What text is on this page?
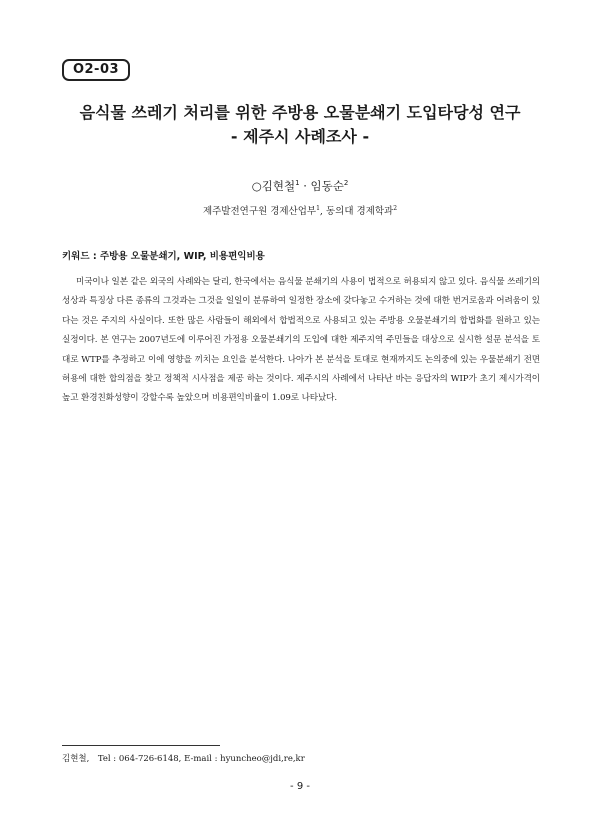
O2-03
음식물 쓰레기 처리를 위한 주방용 오물분쇄기 도입타당성 연구
- 제주시 사례조사 -
○김현철$^1$ · 임동순$^2$
제주발전연구원 경제산업부$^1$, 동의대 경제학과$^2$
키워드 : 주방용 오물분쇄기, WIP, 비용편익비용

미국이나 일본 같은 외국의 사례와는 달리, 한국에서는 음식물 분쇄기의 사용이 법적으로 허용되지 않고 있다. 음식물 쓰레기의 성상과 특징상 다른 종류의 그것과는 그것을 일일이 분류하여 일정한 장소에 갖다놓고 수거하는 것에 대한 번거로움과 어려움이 있다는 것은 주지의 사실이다. 또한 많은 사람들이 해외에서 합법적으로 사용되고 있는 주방용 오물분쇄기의 합법화를 원하고 있는 실정이다. 본 연구는 2007년도에 이루어진 가정용 오물분쇄기의 도입에 대한 제주지역 주민들을 대상으로 실시한 설문 분석을 토대로 WTP를 추정하고 이에 영향을 끼치는 요인을 분석한다. 나아가 본 분석을 토대로 현재까지도 논의중에 있는 우물분쇄기 전면허용에 대한 합의점을 찾고 정책적 시사점을 제공 하는 것이다. 제주시의 사례에서 나타난 바는 응답자의 WIP가 초기 제시가격이 높고 환경친화성향이 강할수록 높았으며 비용편익비율이 1.09로 나타났다.

김현철,　Tel : 064-726-6148, E-mail : hyuncheo@jdi,re,kr
- 9 -
